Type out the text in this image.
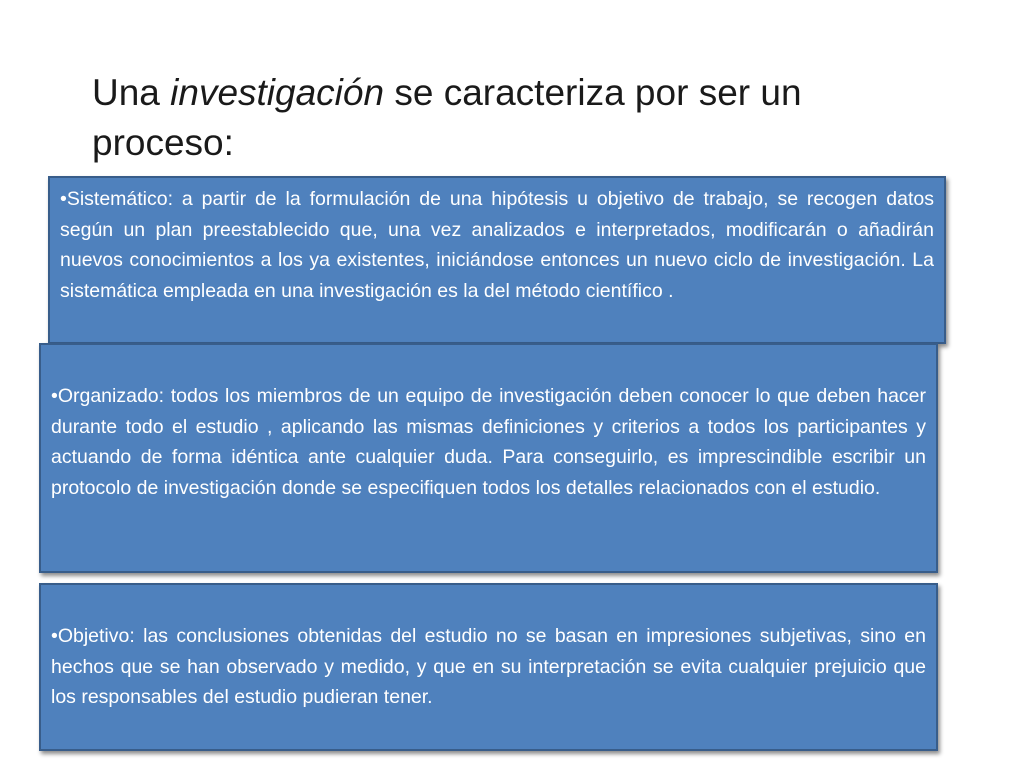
Una investigación se caracteriza por ser un proceso:

•Sistemático: a partir de la formulación de una hipótesis u objetivo de trabajo, se recogen datos según un plan preestablecido que, una vez analizados e interpretados, modificarán o añadirán nuevos conocimientos a los ya existentes, iniciándose entonces un nuevo ciclo de investigación. La sistemática empleada en una investigación es la del método científico .

•Organizado: todos los miembros de un equipo de investigación deben conocer lo que deben hacer durante todo el estudio , aplicando las mismas definiciones y criterios a todos los participantes y actuando de forma idéntica ante cualquier duda. Para conseguirlo, es imprescindible escribir un protocolo de investigación donde se especifiquen todos los detalles relacionados con el estudio.

•Objetivo: las conclusiones obtenidas del estudio no se basan en impresiones subjetivas, sino en hechos que se han observado y medido, y que en su interpretación se evita cualquier prejuicio que los responsables del estudio pudieran tener.
